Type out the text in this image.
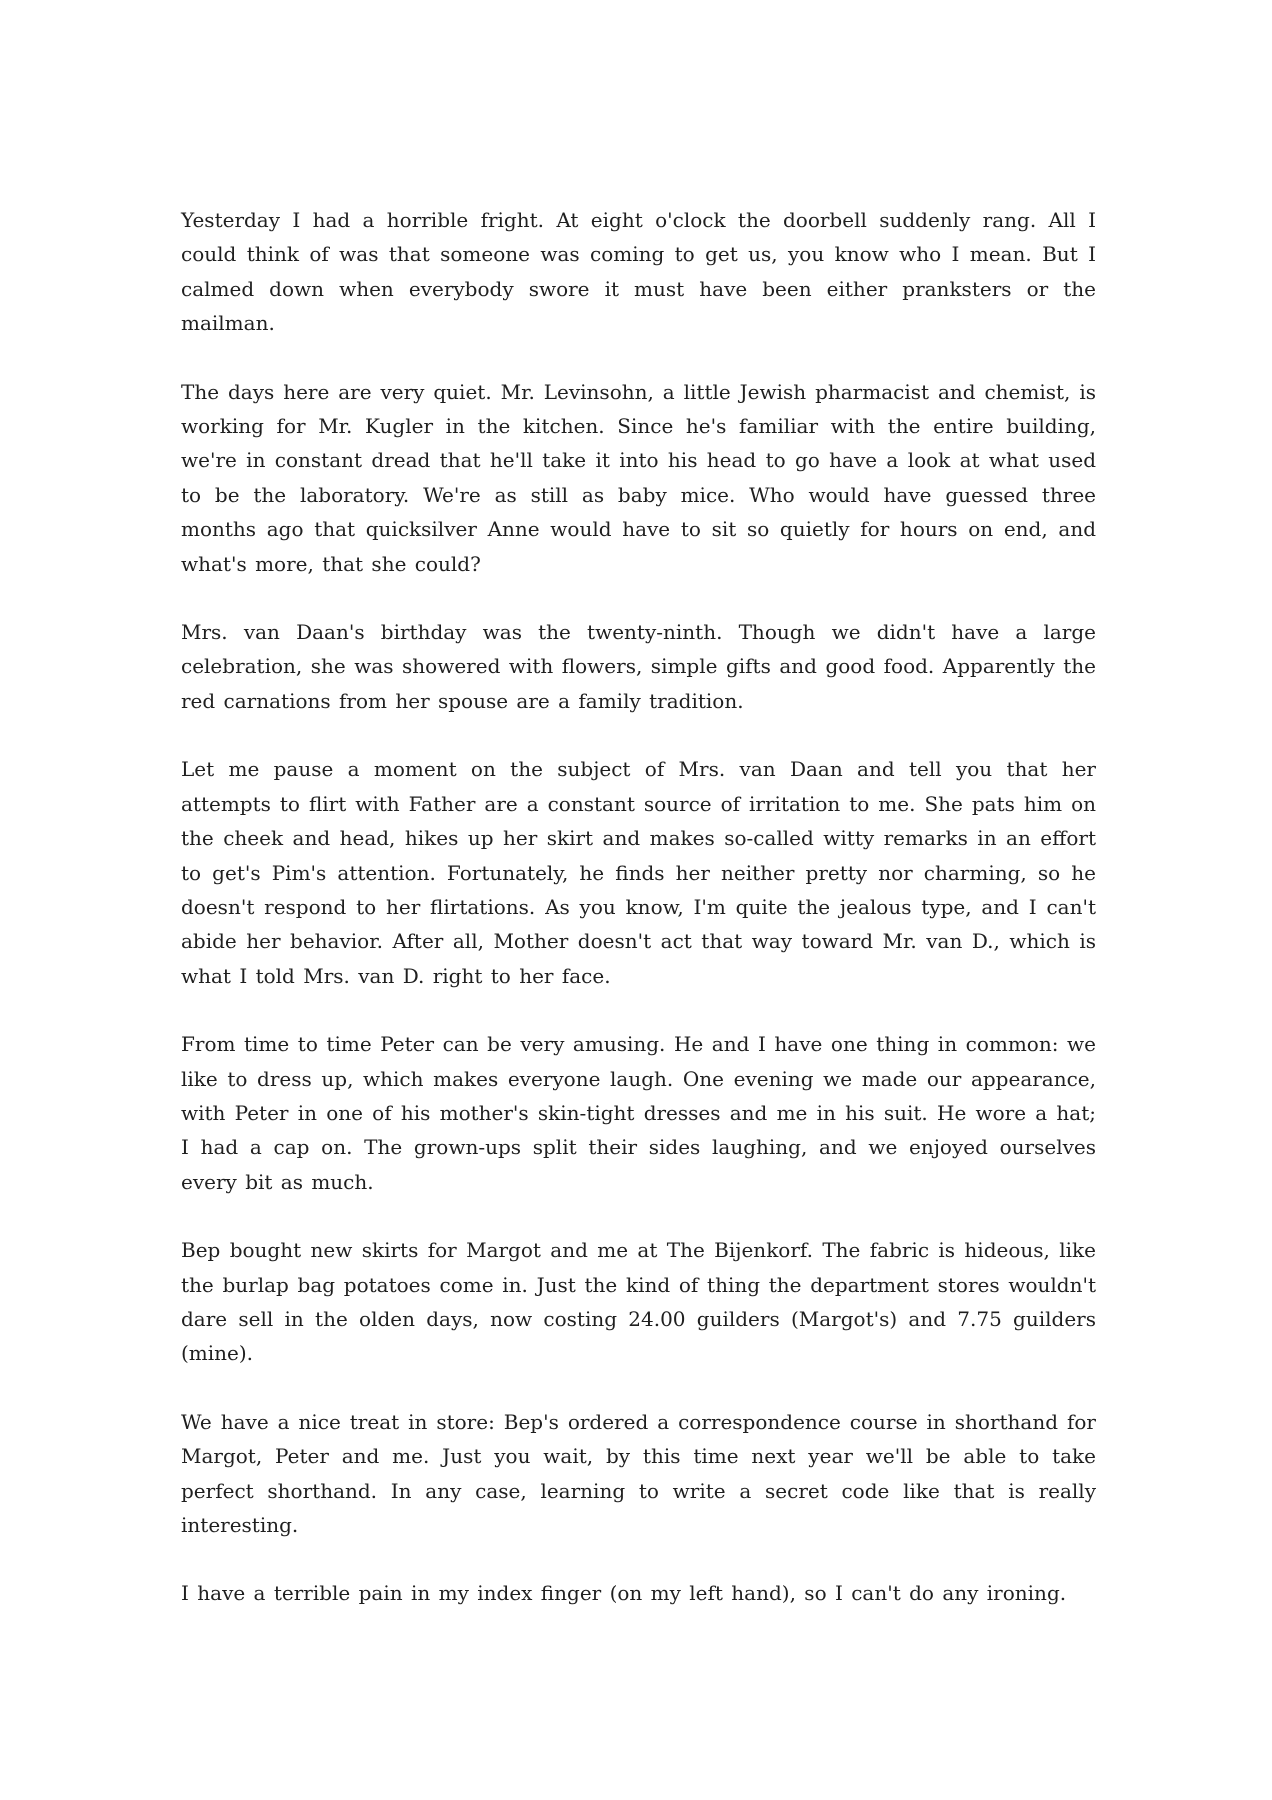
Yesterday I had a horrible fright. At eight o'clock the doorbell suddenly rang. All I could think of was that someone was coming to get us, you know who I mean. But I calmed down when everybody swore it must have been either pranksters or the mailman.

The days here are very quiet. Mr. Levinsohn, a little Jewish pharmacist and chemist, is working for Mr. Kugler in the kitchen. Since he's familiar with the entire building, we're in constant dread that he'll take it into his head to go have a look at what used to be the laboratory. We're as still as baby mice. Who would have guessed three months ago that quicksilver Anne would have to sit so quietly for hours on end, and what's more, that she could?

Mrs. van Daan's birthday was the twenty-ninth. Though we didn't have a large celebration, she was showered with flowers, simple gifts and good food. Apparently the red carnations from her spouse are a family tradition.

Let me pause a moment on the subject of Mrs. van Daan and tell you that her attempts to flirt with Father are a constant source of irritation to me. She pats him on the cheek and head, hikes up her skirt and makes so-called witty remarks in an effort to get's Pim's attention. Fortunately, he finds her neither pretty nor charming, so he doesn't respond to her flirtations. As you know, I'm quite the jealous type, and I can't abide her behavior. After all, Mother doesn't act that way toward Mr. van D., which is what I told Mrs. van D. right to her face.

From time to time Peter can be very amusing. He and I have one thing in common: we like to dress up, which makes everyone laugh. One evening we made our appearance, with Peter in one of his mother's skin-tight dresses and me in his suit. He wore a hat; I had a cap on. The grown-ups split their sides laughing, and we enjoyed ourselves every bit as much.

Bep bought new skirts for Margot and me at The Bijenkorf. The fabric is hideous, like the burlap bag potatoes come in. Just the kind of thing the department stores wouldn't dare sell in the olden days, now costing 24.00 guilders (Margot's) and 7.75 guilders (mine).

We have a nice treat in store: Bep's ordered a correspondence course in shorthand for Margot, Peter and me. Just you wait, by this time next year we'll be able to take perfect shorthand. In any case, learning to write a secret code like that is really interesting.

I have a terrible pain in my index finger (on my left hand), so I can't do any ironing.
